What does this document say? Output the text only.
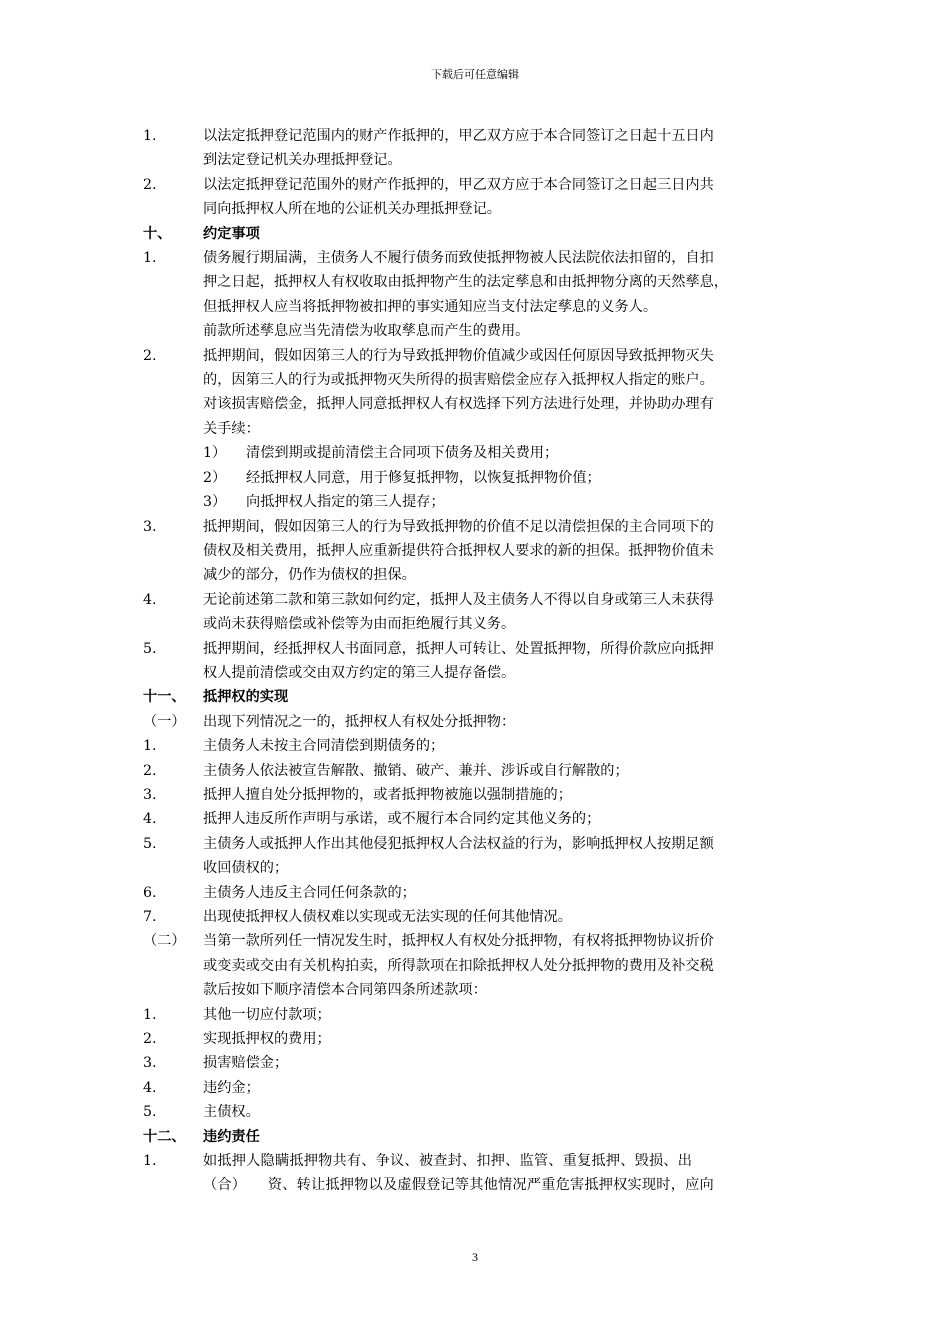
下载后可任意编辑
1.	以法定抵押登记范围内的财产作抵押的，甲乙双方应于本合同签订之日起十五日内
到法定登记机关办理抵押登记。
2.	以法定抵押登记范围外的财产作抵押的，甲乙双方应于本合同签订之日起三日内共
同向抵押权人所在地的公证机关办理抵押登记。
十、	约定事项
1.	债务履行期届满，主债务人不履行债务而致使抵押物被人民法院依法扣留的，自扣
押之日起，抵押权人有权收取由抵押物产生的法定孳息和由抵押物分离的天然孳息，
但抵押权人应当将抵押物被扣押的事实通知应当支付法定孳息的义务人。
前款所述孳息应当先清偿为收取孳息而产生的费用。
2.	抵押期间，假如因第三人的行为导致抵押物价值减少或因任何原因导致抵押物灭失
的，因第三人的行为或抵押物灭失所得的损害赔偿金应存入抵押权人指定的账户。
对该损害赔偿金，抵押人同意抵押权人有权选择下列方法进行处理，并协助办理有
关手续：
1）	清偿到期或提前清偿主合同项下债务及相关费用；
2）	经抵押权人同意，用于修复抵押物，以恢复抵押物价值；
3）	向抵押权人指定的第三人提存；
3.	抵押期间，假如因第三人的行为导致抵押物的价值不足以清偿担保的主合同项下的
债权及相关费用，抵押人应重新提供符合抵押权人要求的新的担保。抵押物价值未
减少的部分，仍作为债权的担保。
4.	无论前述第二款和第三款如何约定，抵押人及主债务人不得以自身或第三人未获得
或尚未获得赔偿或补偿等为由而拒绝履行其义务。
5.	抵押期间，经抵押权人书面同意，抵押人可转让、处置抵押物，所得价款应向抵押
权人提前清偿或交由双方约定的第三人提存备偿。
十一、	抵押权的实现
（一）	出现下列情况之一的，抵押权人有权处分抵押物：
1.	主债务人未按主合同清偿到期债务的；
2.	主债务人依法被宣告解散、撤销、破产、兼并、涉诉或自行解散的；
3.	抵押人擅自处分抵押物的，或者抵押物被施以强制措施的；
4.	抵押人违反所作声明与承诺，或不履行本合同约定其他义务的；
5.	主债务人或抵押人作出其他侵犯抵押权人合法权益的行为，影响抵押权人按期足额
收回债权的；
6.	主债务人违反主合同任何条款的；
7.	出现使抵押权人债权难以实现或无法实现的任何其他情况。
（二）	当第一款所列任一情况发生时，抵押权人有权处分抵押物，有权将抵押物协议折价
或变卖或交由有关机构拍卖，所得款项在扣除抵押权人处分抵押物的费用及补交税
款后按如下顺序清偿本合同第四条所述款项：
1.	其他一切应付款项；
2.	实现抵押权的费用；
3.	损害赔偿金；
4.	违约金；
5.	主债权。
十二、	违约责任
1.	如抵押人隐瞒抵押物共有、争议、被查封、扣押、监管、重复抵押、毁损、出
（合）　　资、转让抵押物以及虚假登记等其他情况严重危害抵押权实现时，应向
3
